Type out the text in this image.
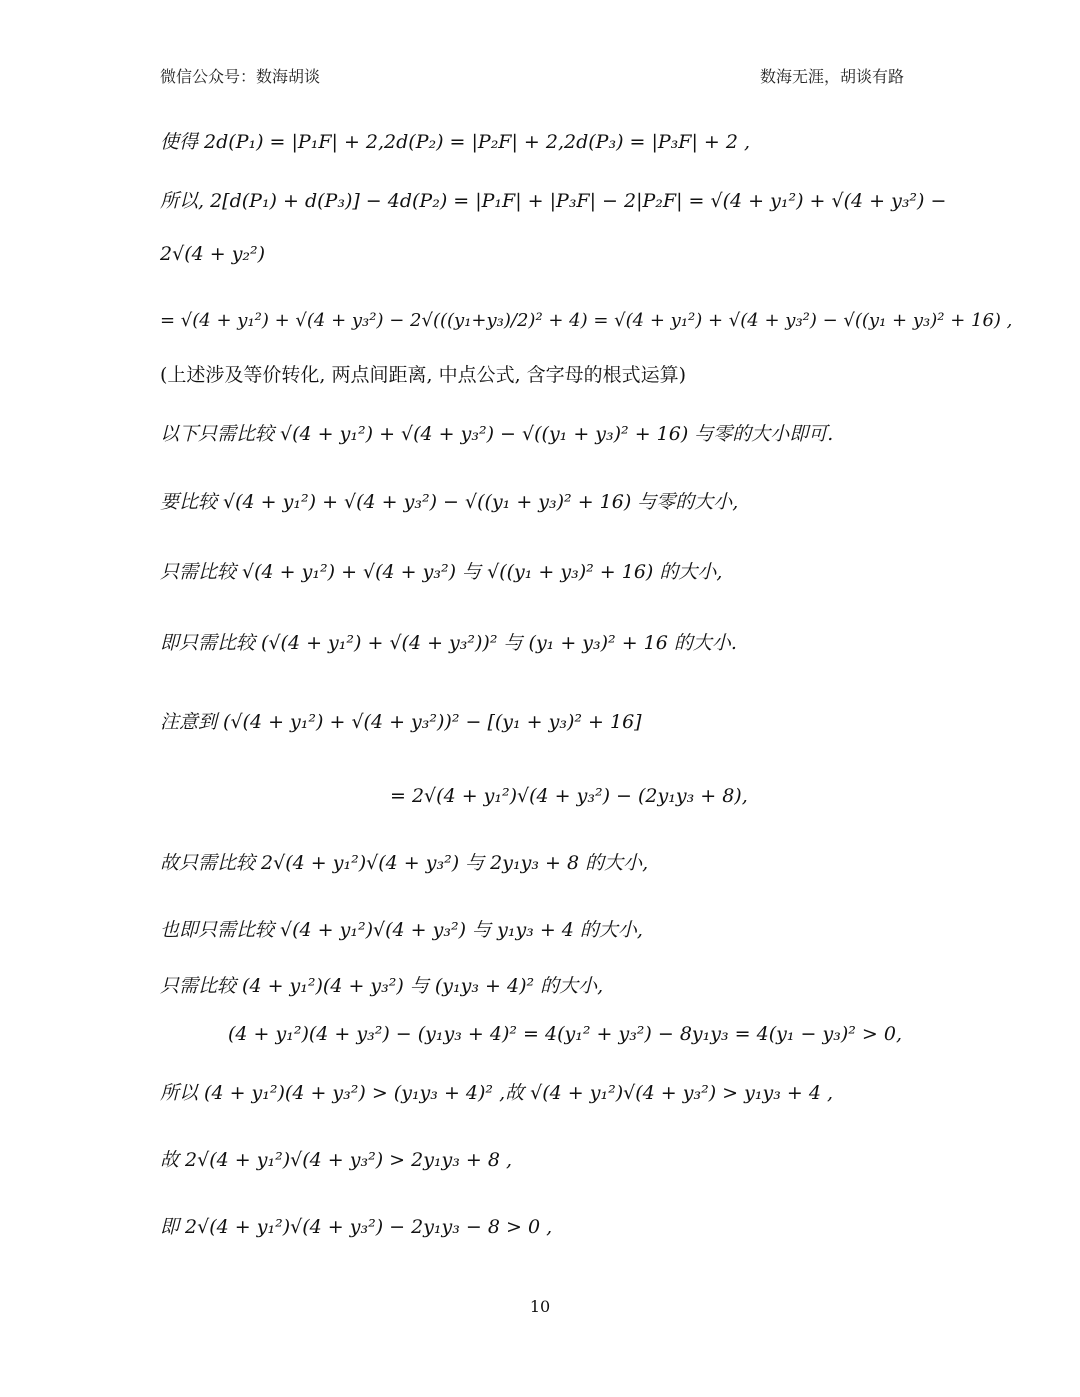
微信公众号：数海胡谈	数海无涯，胡谈有路
使得 2d(P₁) = |P₁F| + 2,2d(P₂) = |P₂F| + 2,2d(P₃) = |P₃F| + 2 ,
所以, 2[d(P₁) + d(P₃)] − 4d(P₂) = |P₁F| + |P₃F| − 2|P₂F| = √(4 + y₁²) + √(4 + y₃²) −
2√(4 + y₂²)
= √(4 + y₁²) + √(4 + y₃²) − 2√(((y₁+y₃)/2)² + 4) = √(4 + y₁²) + √(4 + y₃²) − √((y₁ + y₃)² + 16) ,
(上述涉及等价转化, 两点间距离, 中点公式, 含字母的根式运算)
以下只需比较 √(4 + y₁²) + √(4 + y₃²) − √((y₁ + y₃)² + 16) 与零的大小即可.
要比较 √(4 + y₁²) + √(4 + y₃²) − √((y₁ + y₃)² + 16) 与零的大小,
只需比较 √(4 + y₁²) + √(4 + y₃²) 与 √((y₁ + y₃)² + 16) 的大小,
即只需比较 (√(4 + y₁²) + √(4 + y₃²))² 与 (y₁ + y₃)² + 16 的大小.
注意到 (√(4 + y₁²) + √(4 + y₃²))² − [(y₁ + y₃)² + 16]
= 2√(4 + y₁²)√(4 + y₃²) − (2y₁y₃ + 8),
故只需比较 2√(4 + y₁²)√(4 + y₃²) 与 2y₁y₃ + 8 的大小,
也即只需比较 √(4 + y₁²)√(4 + y₃²) 与 y₁y₃ + 4 的大小,
只需比较 (4 + y₁²)(4 + y₃²) 与 (y₁y₃ + 4)² 的大小,
(4 + y₁²)(4 + y₃²) − (y₁y₃ + 4)² = 4(y₁² + y₃²) − 8y₁y₃ = 4(y₁ − y₃)² > 0,
所以 (4 + y₁²)(4 + y₃²) > (y₁y₃ + 4)² ,故 √(4 + y₁²)√(4 + y₃²) > y₁y₃ + 4 ,
故 2√(4 + y₁²)√(4 + y₃²) > 2y₁y₃ + 8 ,
即 2√(4 + y₁²)√(4 + y₃²) − 2y₁y₃ − 8 > 0 ,
10
